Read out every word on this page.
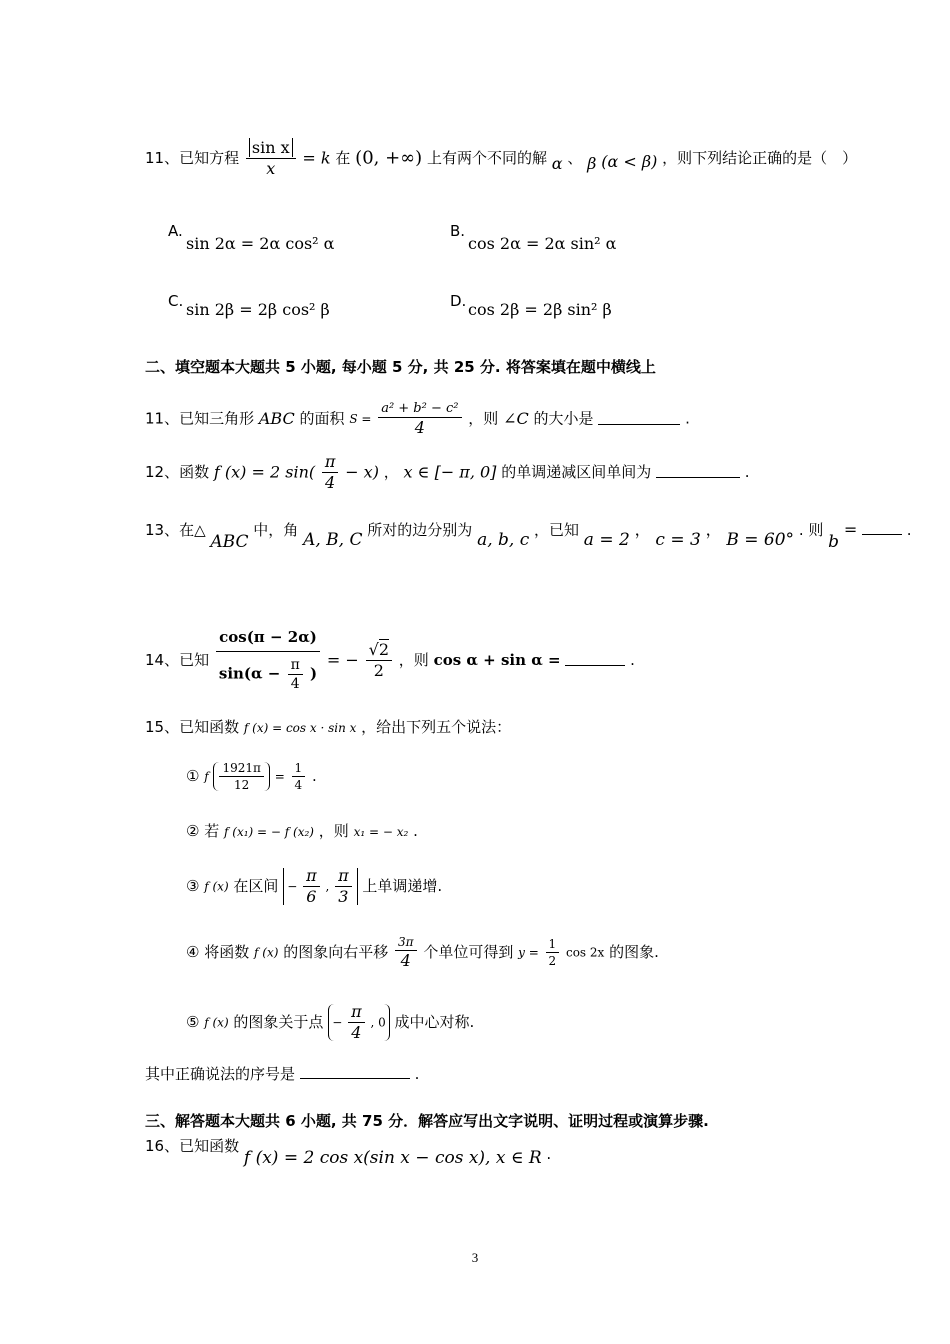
11、已知方程 $\frac{\text{sin x}}{x} = k$ 在 (0, +∞) 上有两个不同的解 α 、 β (α < β) ，则下列结论正确的是（　）
A.
sin 2α = 2α cos² α
B.
cos 2α = 2α sin² α
C. sin 2β = 2β cos² β	D. cos 2β = 2β sin² β
二、填空题本大题共 5 小题, 每小题 5 分, 共 25 分. 将答案填在题中横线上
11、已知三角形 ABC 的面积 $S = \frac{\text{a² + b² − c²}}{4}$ ，则 ∠C 的大小是	.
12、函数 f (x) = 2 $\sin( \frac{\pi}{4} - x)$ ， x ∈ [− π, 0] 的单调递减区间单间为	.
13、在△ ABC 中，角 A, B, C 所对的边分别为 a, b, c ，已知 a = 2 ， c = 3 ， B = 60° . 则 b =	.
14、已知 $\frac{\cos(\pi - 2\alpha)}{\sin(\alpha - \frac{\pi}{4} )}$ = − $\frac{√2}{2}$ ，则 cos α + sin α =	.
15、已知函数 f (x) = cos x · sin x ，给出下列五个说法：
① f $\frac{1921\pi}{12} = \frac{1}{4}$ .
② 若 f (x₁) = − f (x₂) ，则 x₁ = − x₂ .
③ f (x) 在区间 − $\frac{\pi}{6}$ , $\frac{\pi}{3}$ 上单调递增.
④ 将函数 f (x) 的图象向右平移 $\frac{3\pi}{4}$ 个单位可得到 $y = \frac{1}{2}$ cos 2x 的图象.
⑤ f (x) 的图象关于点 − $\frac{\pi}{4}$ , 0 成中心对称.
其中正确说法的序号是	.
三、解答题本大题共 6 小题, 共 75 分．解答应写出文字说明、证明过程或演算步骤.
16、已知函数 f (x) = 2 cos x(sin x − cos x), x ∈ R .
3
